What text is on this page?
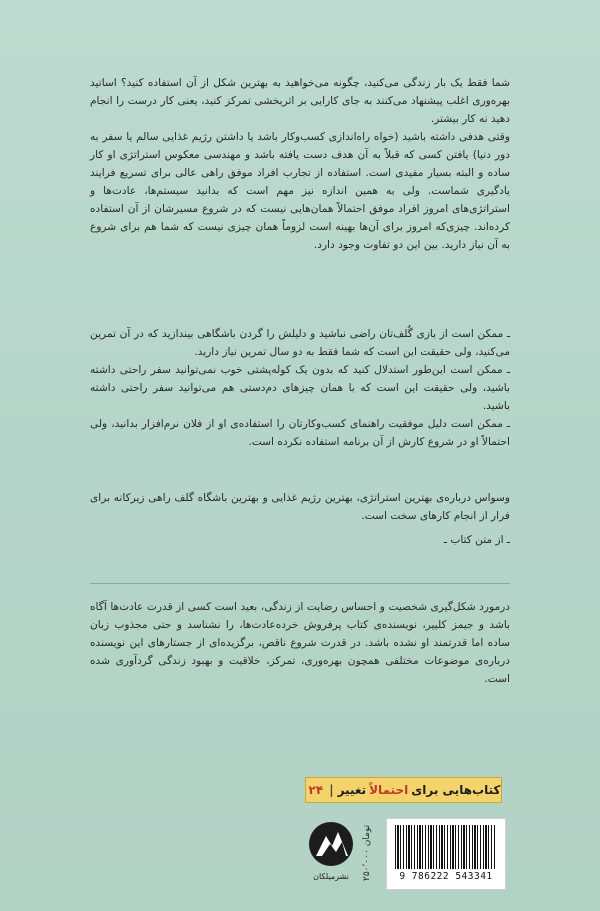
شما فقط یک بار زندگی می‌کنید، چگونه می‌خواهید به بهترین شکل از آن استفاده کنید؟ اساتید بهره‌وری اغلب پیشنهاد می‌کنند به جای کارایی بر اثربخشی تمرکز کنید، یعنی کار درست را انجام دهید نه کار بیشتر.

وقتی هدفی داشته باشید (خواه راه‌اندازی کسب‌وکار باشد یا داشتن رژیم غذایی سالم یا سفر به دور دنیا) یافتن کسی که قبلاً به آن هدف دست یافته باشد و مهندسی معکوس استراتژی او کار ساده و البته بسیار مفیدی است. استفاده از تجارب افراد موفق راهی عالی برای تسریع فرایند یادگیری شماست. ولی به همین اندازه نیز مهم است که بدانید سیستم‌ها، عادت‌ها و استراتژی‌های امروز افراد موفق احتمالاً همان‌هایی نیست که در شروع مسیرشان از آن استفاده کرده‌اند. چیزی‌که امروز برای آن‌ها بهینه است لزوماً همان چیزی نیست که شما هم برای شروع به آن نیاز دارید. بین این دو تفاوت وجود دارد.

ـ ممکن است از بازی گُلف‌تان راضی نباشید و دلیلش را گردن باشگاهی بیندازید که در آن تمرین می‌کنید، ولی حقیقت این است که شما فقط به دو سال تمرین نیاز دارید.

ـ ممکن است این‌طور استدلال کنید که بدون یک کوله‌پشتی خوب نمی‌توانید سفر راحتی داشته باشید، ولی حقیقت این است که با همان چیزهای دم‌دستی هم می‌توانید سفر راحتی داشته باشید.

ـ ممکن است دلیل موفقیت راهنمای کسب‌وکارتان را استفاده‌ی او از فلان نرم‌افزار بدانید، ولی احتمالاً او در شروع کارش از آن برنامه استفاده نکرده است.

وسواس درباره‌ی بهترین استراتژی، بهترین رژیم غذایی و بهترین باشگاه گلف راهی زیرکانه برای فرار از انجام کارهای سخت است.

ـ از متن کتاب ـ

درمورد شکل‌گیری شخصیت و احساس رضایت از زندگی، بعید است کسی از قدرت عادت‌ها آگاه باشد و جیمز کلییر، نویسنده‌ی کتاب پرفروش خرده‌عادت‌ها، را نشناسد و حتی مجذوب زبان ساده اما قدرتمند او نشده باشد. در قدرت شروع ناقص، برگزیده‌ای از جستارهای این نویسنده درباره‌ی موضوعات مختلفی همچون بهره‌وری، تمرکز، خلاقیت و بهبود زندگی گردآوری شده است.

کتاب‌هایی برای
احتمالاً
تغییر
|
۲۴
9 786222 543341
۲۵۰٬۰۰۰ تومان
نشرمیلکان
